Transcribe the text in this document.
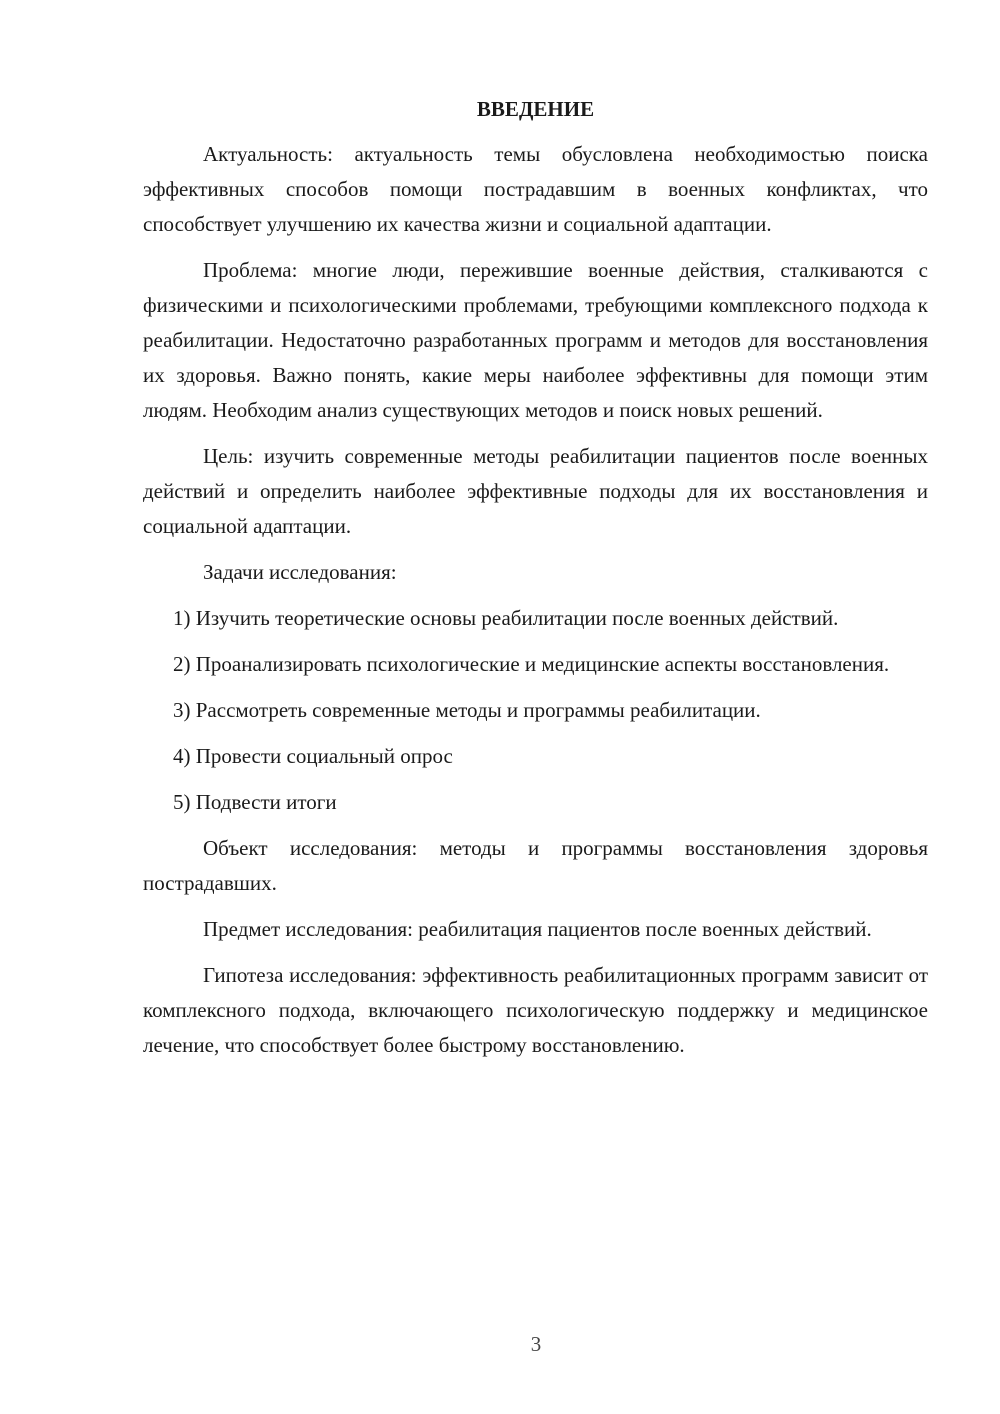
ВВЕДЕНИЕ

Актуальность: актуальность темы обусловлена необходимостью поиска эффективных способов помощи пострадавшим в военных конфликтах, что способствует улучшению их качества жизни и социальной адаптации.

Проблема: многие люди, пережившие военные действия, сталкиваются с физическими и психологическими проблемами, требующими комплексного подхода к реабилитации. Недостаточно разработанных программ и методов для восстановления их здоровья. Важно понять, какие меры наиболее эффективны для помощи этим людям. Необходим анализ существующих методов и поиск новых решений.

Цель: изучить современные методы реабилитации пациентов после военных действий и определить наиболее эффективные подходы для их восстановления и социальной адаптации.

Задачи исследования:

1) Изучить теоретические основы реабилитации после военных действий.

2) Проанализировать психологические и медицинские аспекты восстановления.

3) Рассмотреть современные методы и программы реабилитации.

4) Провести социальный опрос

5) Подвести итоги

Объект исследования: методы и программы восстановления здоровья пострадавших.

Предмет исследования: реабилитация пациентов после военных действий.

Гипотеза исследования: эффективность реабилитационных программ зависит от комплексного подхода, включающего психологическую поддержку и медицинское лечение, что способствует более быстрому восстановлению.

3
